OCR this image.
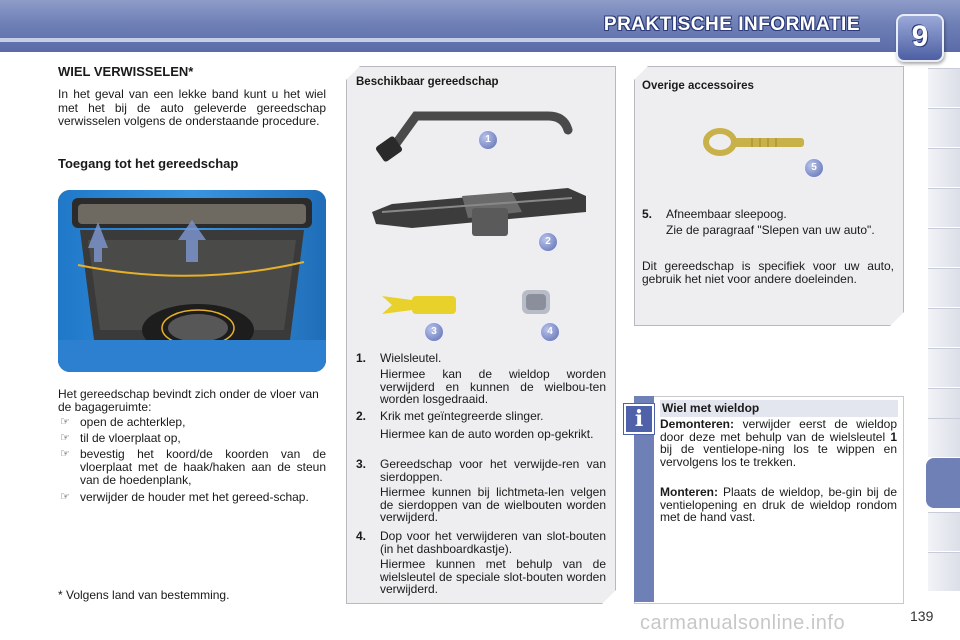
PRAKTISCHE INFORMATIE	9
WIEL VERWISSELEN*
In het geval van een lekke band kunt u het wiel met het bij de auto geleverde gereedschap verwisselen volgens de onderstaande procedure.
Toegang tot het gereedschap
Het gereedschap bevindt zich onder de vloer van de bagageruimte:
☞ open de achterklep,
☞ til de vloerplaat op,
☞ bevestig het koord/de koorden van de vloerplaat met de haak/haken aan de steun van de hoedenplank,
☞ verwijder de houder met het gereed-schap.
* Volgens land van bestemming.
Beschikbaar gereedschap
1
2
3	4
1. Wielsleutel.
Hiermee kan de wieldop worden verwijderd en kunnen de wielbou-ten worden losgedraaid.
2. Krik met geïntegreerde slinger.
Hiermee kan de auto worden op-gekrikt.
3. Gereedschap voor het verwijde-ren van sierdoppen.
Hiermee kunnen bij lichtmeta-len velgen de sierdoppen van de wielbouten worden verwijderd.
4. Dop voor het verwijderen van slot-bouten (in het dashboardkastje).
Hiermee kunnen met behulp van de wielsleutel de speciale slot-bouten worden verwijderd.
Overige accessoires
5
5. Afneembaar sleepoog.
Zie de paragraaf "Slepen van uw auto".
Dit gereedschap is specifiek voor uw auto, gebruik het niet voor andere doeleinden.
i	Wiel met wieldop
Demonteren: verwijder eerst de wieldop door deze met behulp van de wielsleutel 1 bij de ventielope-ning los te wippen en vervolgens los te trekken.
Monteren: Plaats de wieldop, be-gin bij de ventielopening en druk de wieldop rondom met de hand vast.
carmanualsonline.info	139
